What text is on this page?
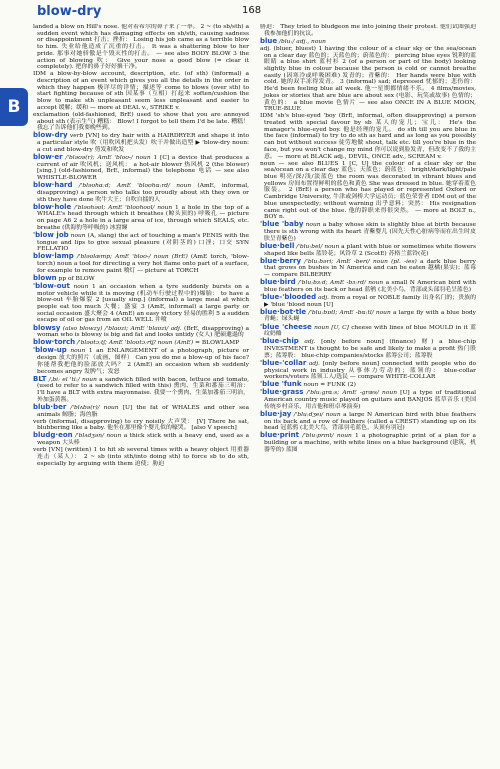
blow-dry	168
B

landed a blow on Hill's nose. 他对着希尔的鼻子来了一拳。 2 ~ (to sb/sth) a sudden event which has damaging effects on sb/sth, causing sadness or disappointment 打击；挫折： Losing his job came as a terrible blow to him. 失业给他造成了沉重的打击。 It was a shattering blow to her pride. 那事对她骄傲是个毁灭性的打击。 — see also BODY BLOW 3 the action of blowing 吹： Give your nose a good blow (= clear it completely). 把你的鼻子好好擤干净。

IDM a blow-by-blow account, description, etc. (of sth) (informal) a description of an event which gives you all the details in the order in which they happen 极详尽的详情；描述等 come to blows (over sth) to start fighting because of sth 因某事（互相）打起来 soften/cushion the blow to make sth unpleasant seem less unpleasant and easier to accept 缓解；缓和 — more at DEAL v., STRIKE v.

exclamation (old-fashioned, BrE) used to show that you are annoyed about sth (表示生气) 糟糕： Blow! I forgot to tell them I'd be late. 糟糕！我忘了告诉他们我要晚些到。

blow-dry verb [VN] to dry hair with a HAIRDRYER and shape it into a particular style 吹（用吹风机把头发）吹干并做出造型 ▶ 'blow-dry noun: a cut and blow-dry 剪发和吹发

blow·er /'bləʊə(r); AmE 'bloʊ-/ noun 1 [C] a device that produces a current of air 吹风机；送风机： a hot-air blower 热风机 2 (the blower) [sing.] (old-fashioned, BrE, informal) the telephone 电话 — see also WHISTLE-BLOWER

blow·hard /'bləʊhɑːd; AmE 'bloʊhɑːrd/ noun (AmE, informal, disapproving) a person who talks too proudly about sth they own or sth they have done 吹牛大王；自吹自擂的人

blow·hole /'bləʊhəʊl; AmE 'bloʊhoʊl/ noun 1 a hole in the top of a WHALE's head through which it breathes (鲸头顶的) 呼吸孔 — picture on page A6 2 a hole in a large area of ice, through which SEALS, etc. breathe (供海豹等呼吸的) 冰窟窿

'blow job noun (A, slang) the act of touching a man's PENIS with the tongue and lips to give sexual pleasure (对阴茎的) 口淫；口交 SYN FELLATIO

blow·lamp /'bləʊlæmp; AmE 'bloʊ-/ noun (BrE) (AmE torch, 'blow-torch) noun a tool for directing a very hot flame onto part of a surface, for example to remove paint 喷灯 — picture at TORCH

blown pp of BLOW

'blow-out noun 1 an occasion when a tyre suddenly bursts on a motor vehicle while it is moving (机动车行驶过程中的)爆胎： to have a blow-out 车胎爆裂 2 [usually sing.] (informal) a large meal at which people eat too much 大餐；盛宴 3 (AmE, informal) a large party or social occasion 盛大聚会 4 (AmE) an easy victory 轻易的胜利 5 a sudden escape of oil or gas from an OIL WELL 井喷

blowsy (also blowzy) /'blaʊzi; AmE 'blaʊzi/ adj. (BrE, disapproving) a woman who is blowsy is big and fat and looks untidy (女人) 肥硕邋遢的

blow·torch /'bləʊtɔːtʃ; AmE 'bloʊtɔːrtʃ/ noun (AmE) = BLOWLAMP

'blow-up noun 1 an ENLARGEMENT of a photograph, picture or design 放大的照片（或画、图样） Can you do me a blow-up of his face? 你能帮我把他的脸部放大吗？ 2 (AmE) an occasion when sb suddenly becomes angry 发脾气；发怒

BLT /ˌbiː el 'tiː/ noun a sandwich filled with bacon, lettuce and tomato, (used to refer to a sandwich filled with this) 熏肉、生菜和番茄三明治： I'll have a BLT with extra mayonnaise. 我要一个熏肉、生菜加番茄三明治，外加蛋黄酱。

blub·ber /'blʌbə(r)/ noun [U] the fat of WHALES and other sea animals 鲸脂；海兽脂

verb (informal, disapproving) to cry noisily 大声哭： [V] There he sat, blubbering like a baby. 他坐在那里像个婴儿似的嚎哭。 [also V speech]

bludg·eon /'blʌdʒən/ noun a thick stick with a heavy end, used as a weapon 大头棒

verb [VN] (written) 1 to hit sb several times with a heavy object 用重器连击（某人）： 2 ~ sb (into sth/into doing sth) to force sb to do sth, especially by arguing with them 迫使；胁迫

胁迫： They tried to bludgeon me into joining their protest. 他们试图强迫我参加他们的抗议。

blue /bluː/ adj., noun

adj. (bluer, bluest) 1 having the colour of a clear sky or the sea/ocean on a clear day 蓝色的；天蓝色的；蔚蓝色的： piercing blue eyes 锐利的蓝眼睛 a blue shirt 蓝衬衫 2 (of a person or part of the body) looking slightly blue in colour because the person is cold or cannot breathe easily (因寒冷或呼吸困难) 发青的；青紫的： Her hands were blue with cold. 她的双手冻得发青。 3 (informal) sad; depressed 忧郁的；悲伤的： He'd been feeling blue all week. 他一星期都情绪不乐。 4 films/movies, jokes or stories that are blue are about sex (电影、玩笑或故事) 色情的；黄色的： a blue movie 色情片 — see also ONCE IN A BLUE MOON, TRUE-BLUE

IDM 'sb's blue-eyed 'boy (BrE, informal, often disapproving) a person treated with special favour by sb 某人的宠儿；宝儿： He's the manager's blue-eyed boy. 他是经理的宠儿。 do sth till you are blue in the face (informal) to try to do sth as hard and as long as you possibly can but without success 徒劳地做 shout, talk etc. till you're blue in the face, but you won't change my mind 你可以说到脸发青，但改变不了我的主意。 — more at BLACK adj., DEVIL, ONCE adv., SCREAM v.

noun — see also BLUES 1 [C, U] the colour of a clear sky or the sea/ocean on a clear day 蓝色；天蓝色；蔚蓝色： bright/dark/light/pale blue 明亮/深/浅/淡蓝色 the room was decorated in vibrant blues and yellows 房间布置得鲜明的蓝色和黄色 She was dressed in blue. 她穿着蓝色服装。 2 (BrE) a person who has played or represented Oxford or Cambridge University, 牛津或剑桥大学运动员；蓝色荣誉者 IDM out of the blue unexpectedly; without warning 出乎意料；突然： His resignation came right out of the blue. 他的辞职来得很突然。 — more at BOLT n., BOY n.

'blue 'baby noun a baby whose skin is slightly blue at birth because there is sth wrong with its heart 青紫婴儿 (因先天性心脏病等而在出生时皮肤呈青紫色)

blue·bell /'bluːbel/ noun a plant with blue or sometimes white flowers shaped like bells 蓝铃花；风铃草 2 (ScotE) 苏格兰蓝铃(花)

blue·berry /'bluːbəri; AmE -beri/ noun (pl. -ies) a dark blue berry that grows on bushes in N America and can be eaten 越橘(果实)；蓝莓 — compare BILBERRY

blue·bird /'bluːbɜːd; AmE -bɜːrd/ noun a small N American bird with blue feathers on its back or head 蓝鸲 (北美小鸟，背部或头部羽毛呈蓝色)

'blue-'blooded adj. from a royal or NOBLE family 出身名门的；贵族的 ▶ 'blue 'blood noun [U]

blue·bot·tle /'bluːbɒtl; AmE -bɑːtl/ noun a large fly with a blue body 青蝇；绿头蝇

'blue 'cheese noun [U, C] cheese with lines of blue MOULD in it 蓝纹奶酪

'blue-chip adj. [only before noun] (finance) 财) a blue-chip INVESTMENT is thought to be safe and likely to make a profit 热门股票；蓝筹股： blue-chip companies/stocks 蓝筹公司；蓝筹股

'blue-'collar adj. [only before noun] connected with people who do physical work in industry 从事体力劳动的；蓝领的： blue-collar workers/voters 蓝领工人/选民 — compare WHITE-COLLAR

'blue 'funk noun = FUNK (2)

'blue·grass /'bluːgrɑːs; AmE -græs/ noun [U] a type of traditional American country music played on guitars and BANJOS 蓝草音乐 (美国传统乡村音乐，用吉他和班卓琴演奏)

blue·jay /'bluːdʒeɪ/ noun a large N American bird with blue feathers on its back and a row of feathers (called a CREST) standing up on its head 冠蓝鸦 (北美大鸟，背部羽毛蓝色，头顶有羽冠)

blue·print /'bluːprɪnt/ noun 1 a photographic print of a plan for a building or a machine, with white lines on a blue background (建筑、机器等的) 蓝图
